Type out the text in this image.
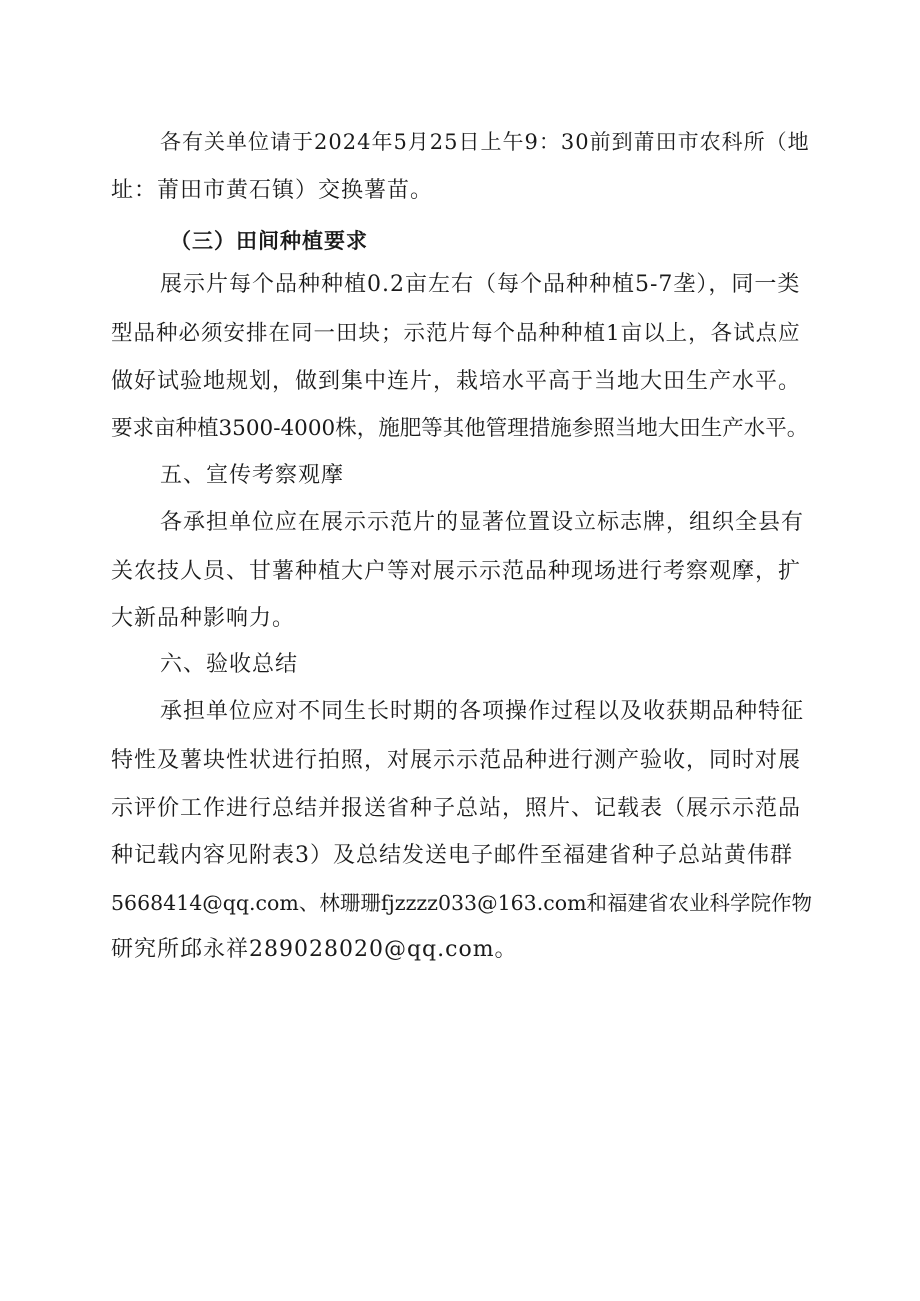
各有关单位请于2024年5月25日上午9：30前到莆田市农科所（地
址：莆田市黄石镇）交换薯苗。
（三）田间种植要求
展示片每个品种种植0.2亩左右（每个品种种植5-7垄），同一类
型品种必须安排在同一田块；示范片每个品种种植1亩以上，各试点应
做好试验地规划，做到集中连片，栽培水平高于当地大田生产水平。
要求亩种植3500-4000株，施肥等其他管理措施参照当地大田生产水平。
五、宣传考察观摩
各承担单位应在展示示范片的显著位置设立标志牌，组织全县有
关农技人员、甘薯种植大户等对展示示范品种现场进行考察观摩，扩
大新品种影响力。
六、验收总结
承担单位应对不同生长时期的各项操作过程以及收获期品种特征
特性及薯块性状进行拍照，对展示示范品种进行测产验收，同时对展
示评价工作进行总结并报送省种子总站，照片、记载表（展示示范品
种记载内容见附表3）及总结发送电子邮件至福建省种子总站黄伟群
5668414@qq.com、林珊珊fjzzzz033@163.com和福建省农业科学院作物
研究所邱永祥289028020@qq.com。
